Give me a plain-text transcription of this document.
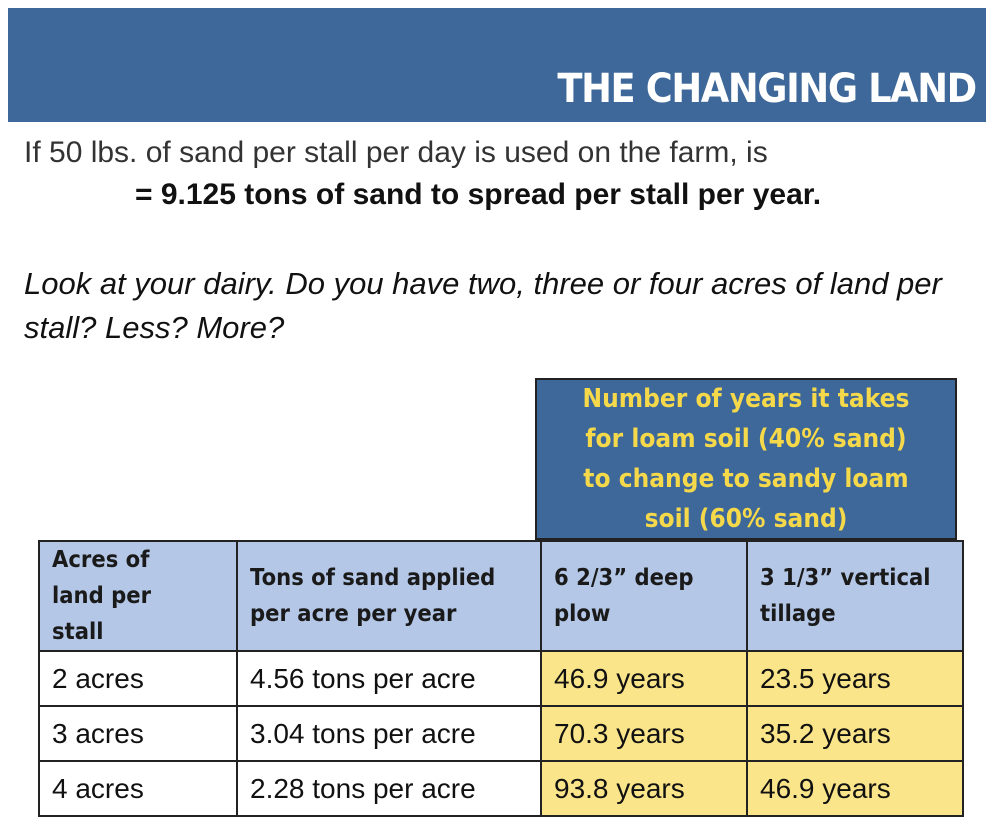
THE CHANGING LAND
If 50 lbs. of sand per stall per day is used on the farm, is
= 9.125 tons of sand to spread per stall per year.
Look at your dairy. Do you have two, three or four acres of land per stall? Less? More?
Number of years it takes for loam soil (40% sand) to change to sandy loam soil (60% sand)
Acres of land per stall	Tons of sand applied per acre per year	6 2/3” deep plow	3 1/3” vertical tillage
2 acres	4.56 tons per acre	46.9 years	23.5 years
3 acres	3.04 tons per acre	70.3 years	35.2 years
4 acres	2.28 tons per acre	93.8 years	46.9 years
